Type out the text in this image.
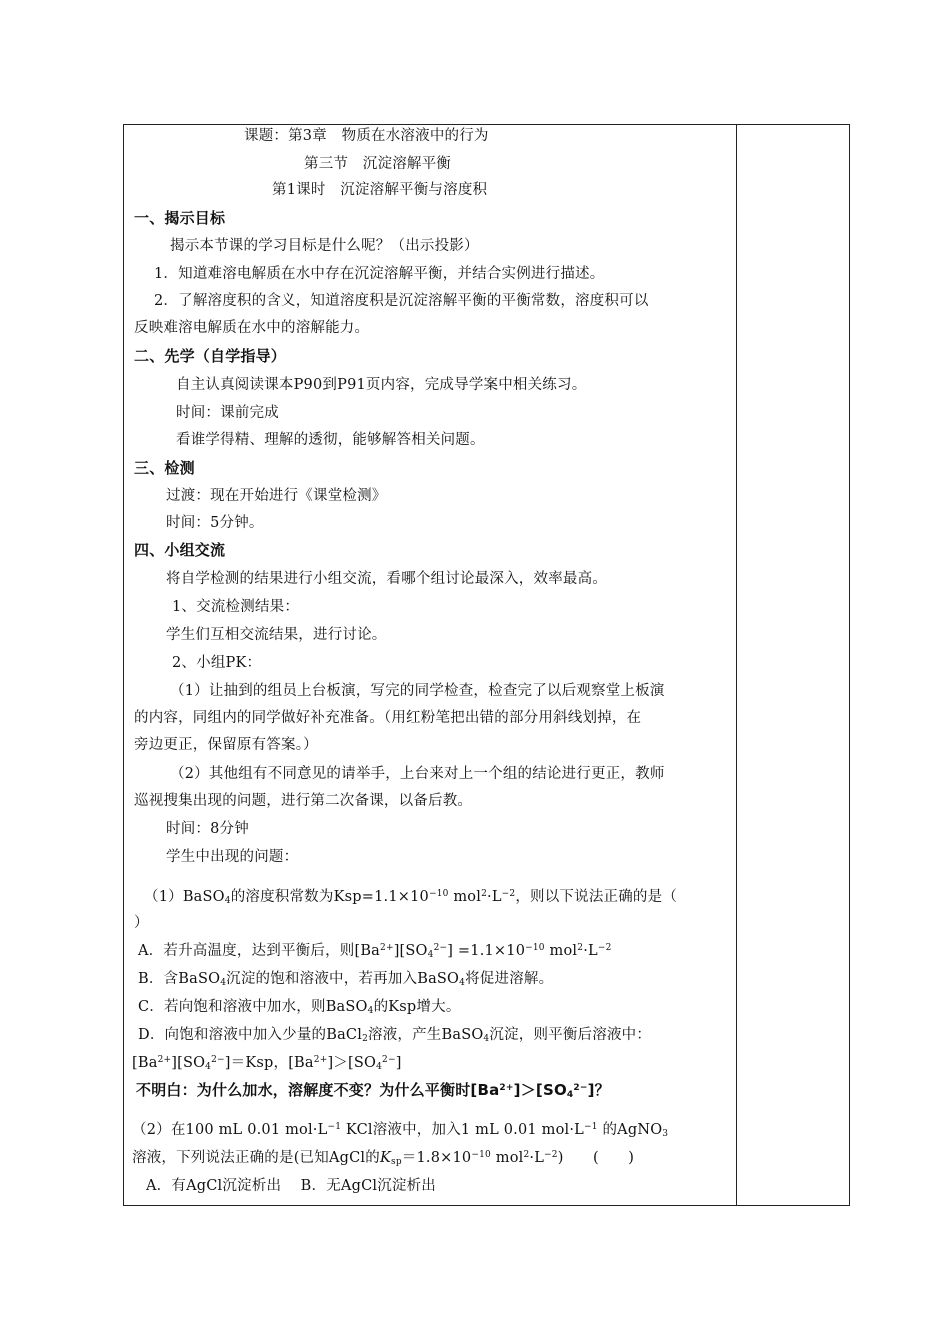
课题：第3章　物质在水溶液中的行为
第三节　沉淀溶解平衡
第1课时　沉淀溶解平衡与溶度积
一、揭示目标
揭示本节课的学习目标是什么呢？（出示投影）
1．知道难溶电解质在水中存在沉淀溶解平衡，并结合实例进行描述。
2．了解溶度积的含义，知道溶度积是沉淀溶解平衡的平衡常数，溶度积可以
反映难溶电解质在水中的溶解能力。
二、先学（自学指导）
自主认真阅读课本P90到P91页内容，完成导学案中相关练习。
时间：课前完成
看谁学得精、理解的透彻，能够解答相关问题。
三、检测
过渡：现在开始进行《课堂检测》
时间：5分钟。
四、小组交流
将自学检测的结果进行小组交流，看哪个组讨论最深入，效率最高。
1、交流检测结果：
学生们互相交流结果，进行讨论。
2、小组PK：
（1）让抽到的组员上台板演，写完的同学检查，检查完了以后观察堂上板演
的内容，同组内的同学做好补充准备。（用红粉笔把出错的部分用斜线划掉，在
旁边更正，保留原有答案。）
（2）其他组有不同意见的请举手，上台来对上一个组的结论进行更正，教师
巡视搜集出现的问题，进行第二次备课，以备后教。
时间：8分钟
学生中出现的问题：
（1）BaSO$_4$的溶度积常数为$Ksp=1.1\times 10^{-10}$ $mol^2\cdot L^{-2}$，则以下说法正确的是（
）
A．若升高温度，达到平衡后，则$[Ba^{2+}][SO_4^{2-}] =1.1\times 10^{-10}$ $mol^2\cdot L^{-2}$
B．含BaSO$_4$沉淀的饱和溶液中，若再加入BaSO$_4$将促进溶解。
C．若向饱和溶液中加水，则BaSO$_4$的Ksp增大。
D．向饱和溶液中加入少量的BaCl$_2$溶液，产生BaSO$_4$沉淀，则平衡后溶液中：
$[Ba^{2+}][SO_4^{2-}]=Ksp$，$[Ba^{2+}]>[SO_4^{2-}]$
不明白：为什么加水，溶解度不变？为什么平衡时$[Ba^{2+}]>[SO_4^{2-}]$？
（2）在100 mL 0.01 $mol\cdot L^{-1}$ KCl溶液中，加入1 mL 0.01 $mol\cdot L^{-1}$ 的AgNO$_3$
溶液，下列说法正确的是(已知AgCl的$K_{sp}=1.8\times 10^{-10}$ $mol^2\cdot L^{-2}$)　　(　　)
A．有AgCl沉淀析出　 B．无AgCl沉淀析出
